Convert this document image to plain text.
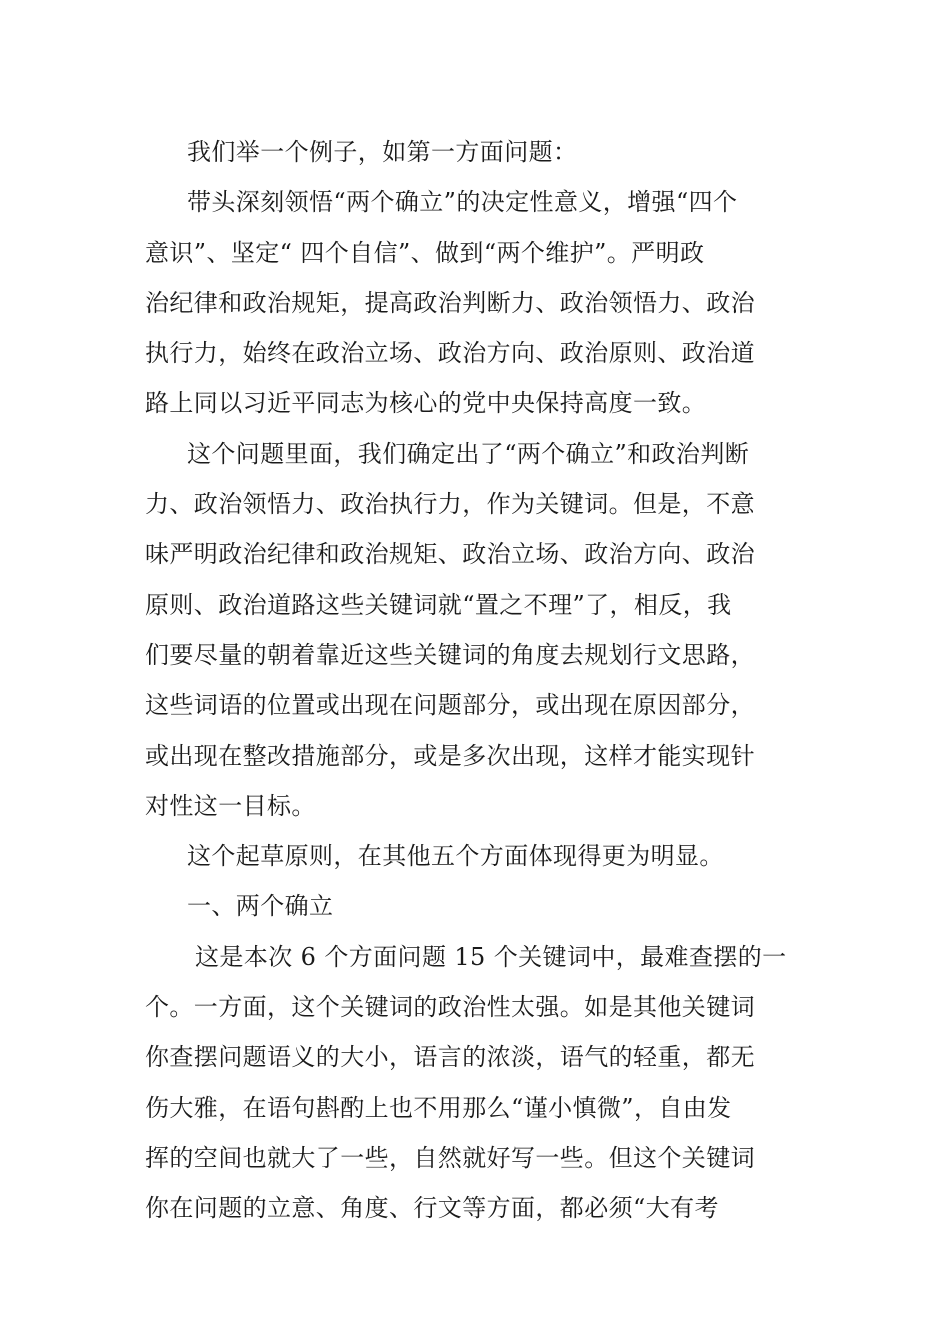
我们举一个例子，如第一方面问题：
带头深刻领悟“两个确立”的决定性意义，增强“四个
意识”、坚定“ 四个自信”、做到“两个维护”。严明政
治纪律和政治规矩，提高政治判断力、政治领悟力、政治
执行力，始终在政治立场、政治方向、政治原则、政治道
路上同以习近平同志为核心的党中央保持高度一致。
这个问题里面，我们确定出了“两个确立”和政治判断
力、政治领悟力、政治执行力，作为关键词。但是，不意
味严明政治纪律和政治规矩、政治立场、政治方向、政治
原则、政治道路这些关键词就“置之不理”了，相反，我
们要尽量的朝着靠近这些关键词的角度去规划行文思路，
这些词语的位置或出现在问题部分，或出现在原因部分，
或出现在整改措施部分，或是多次出现，这样才能实现针
对性这一目标。
这个起草原则，在其他五个方面体现得更为明显。
一、两个确立
这是本次 6 个方面问题 15 个关键词中，最难查摆的一
个。一方面，这个关键词的政治性太强。如是其他关键词
你查摆问题语义的大小，语言的浓淡，语气的轻重，都无
伤大雅，在语句斟酌上也不用那么“谨小慎微”，自由发
挥的空间也就大了一些，自然就好写一些。但这个关键词
你在问题的立意、角度、行文等方面，都必须“大有考
